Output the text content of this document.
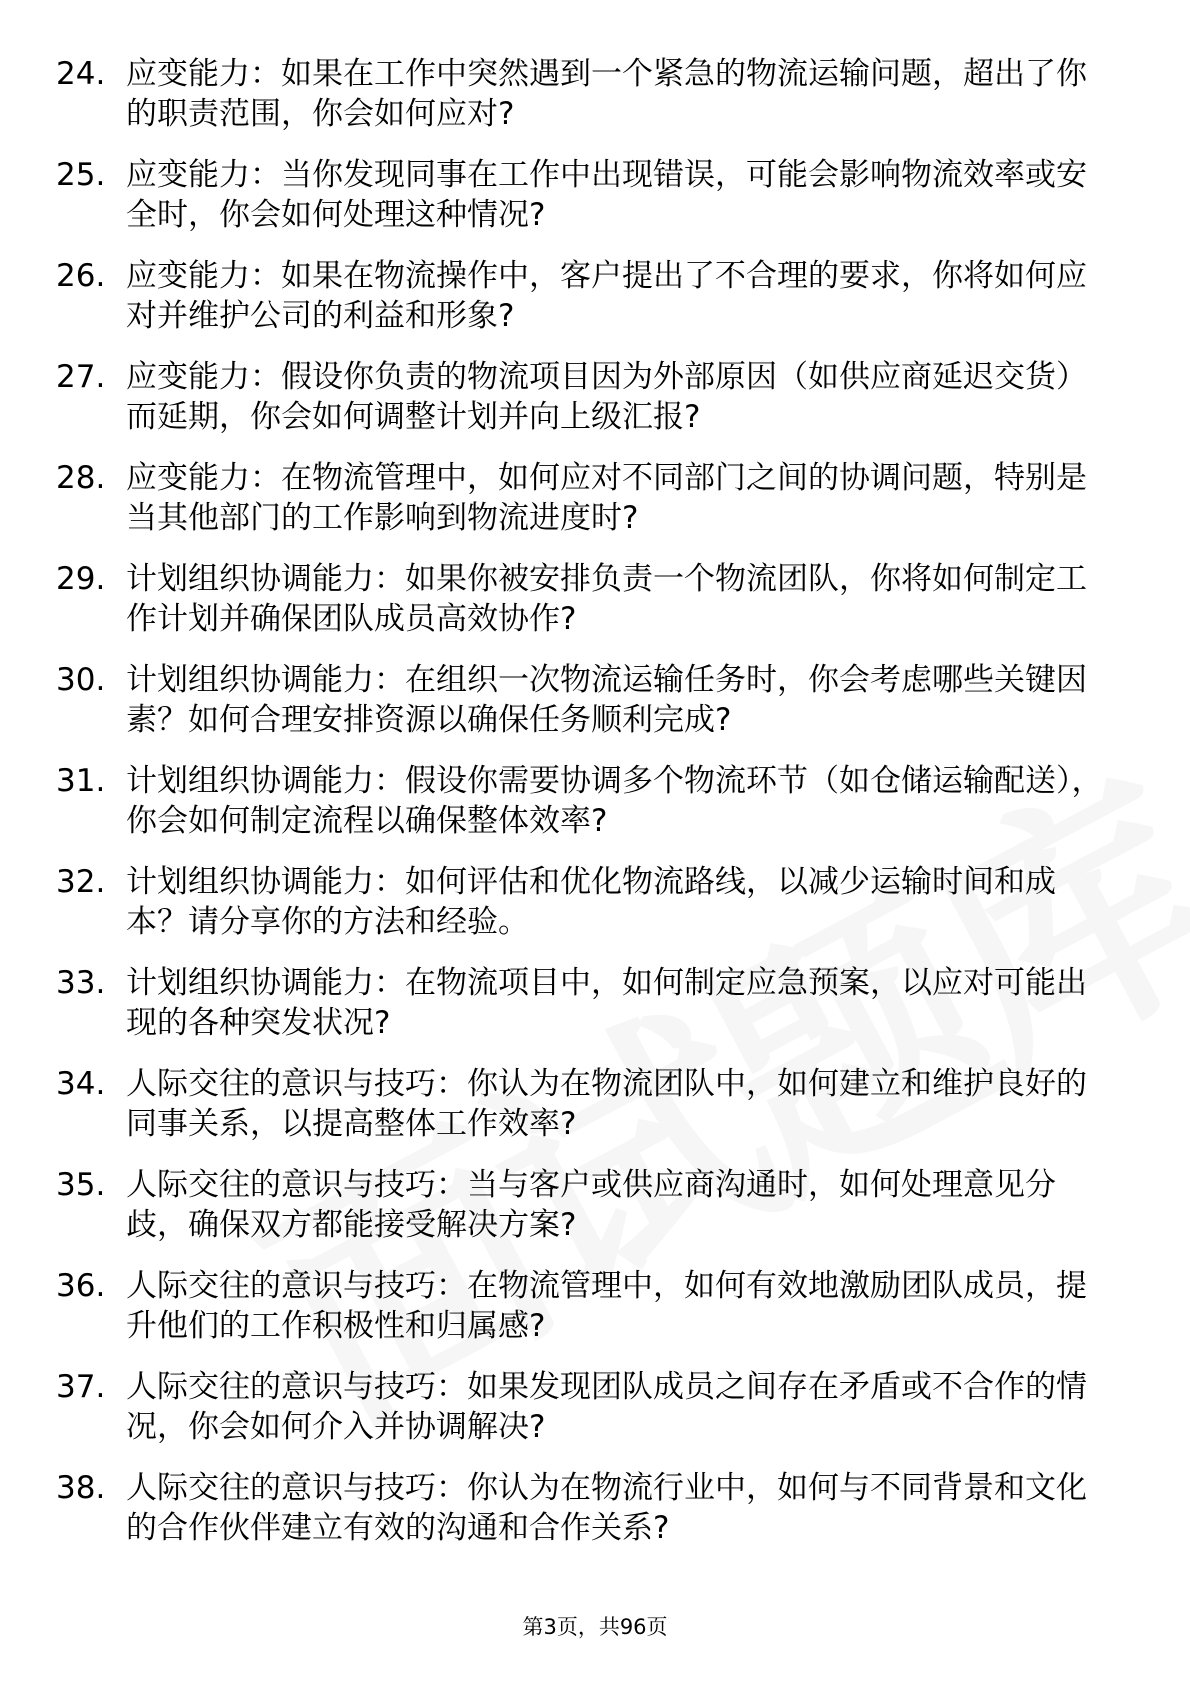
24. 应变能力：如果在工作中突然遇到一个紧急的物流运输问题，超出了你的职责范围，你会如何应对?
25. 应变能力：当你发现同事在工作中出现错误，可能会影响物流效率或安全时，你会如何处理这种情况?
26. 应变能力：如果在物流操作中，客户提出了不合理的要求，你将如何应对并维护公司的利益和形象?
27. 应变能力：假设你负责的物流项目因为外部原因（如供应商延迟交货）而延期，你会如何调整计划并向上级汇报?
28. 应变能力：在物流管理中，如何应对不同部门之间的协调问题，特别是当其他部门的工作影响到物流进度时?
29. 计划组织协调能力：如果你被安排负责一个物流团队，你将如何制定工作计划并确保团队成员高效协作?
30. 计划组织协调能力：在组织一次物流运输任务时，你会考虑哪些关键因素？如何合理安排资源以确保任务顺利完成?
31. 计划组织协调能力：假设你需要协调多个物流环节（如仓储运输配送），你会如何制定流程以确保整体效率?
32. 计划组织协调能力：如何评估和优化物流路线，以减少运输时间和成本？请分享你的方法和经验。
33. 计划组织协调能力：在物流项目中，如何制定应急预案，以应对可能出现的各种突发状况?
34. 人际交往的意识与技巧：你认为在物流团队中，如何建立和维护良好的同事关系，以提高整体工作效率?
35. 人际交往的意识与技巧：当与客户或供应商沟通时，如何处理意见分歧，确保双方都能接受解决方案?
36. 人际交往的意识与技巧：在物流管理中，如何有效地激励团队成员，提升他们的工作积极性和归属感?
37. 人际交往的意识与技巧：如果发现团队成员之间存在矛盾或不合作的情况，你会如何介入并协调解决?
38. 人际交往的意识与技巧：你认为在物流行业中，如何与不同背景和文化的合作伙伴建立有效的沟通和合作关系?
第3页，共96页
